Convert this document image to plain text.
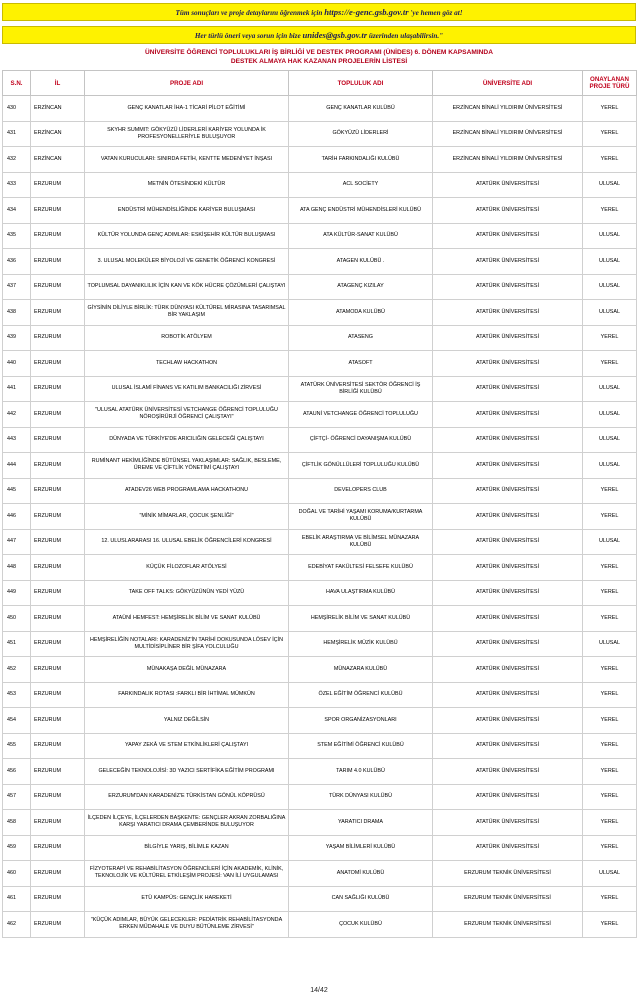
Tüm sonuçları ve proje detaylarını öğrenmek için https://e-genc.gsb.gov.tr 'ye hemen göz at!
Her türlü öneri veya sorun için bize unides@gsb.gov.tr üzerinden ulaşabilirsin."
ÜNİVERSİTE ÖĞRENCİ TOPLULUKLARI İŞ BİRLİĞİ VE DESTEK PROGRAMI (ÜNİDES) 6. DÖNEM KAPSAMINDA
DESTEK ALMAYA HAK KAZANAN PROJELERİN LİSTESİ
S.N.	İL	PROJE ADI	TOPLULUK ADI	ÜNİVERSİTE ADI	ONAYLANAN PROJE TÜRÜ
430	ERZİNCAN	GENÇ KANATLAR İHA-1 TİCARİ PİLOT EĞİTİMİ	GENÇ KANATLAR KULÜBÜ	ERZİNCAN BİNALİ YILDIRIM ÜNİVERSİTESİ	YEREL
431	ERZİNCAN	SKYHR SUMMIT: GÖKYÜZÜ LİDERLERİ KARİYER YOLUNDA İK PROFESYONELLERİYLE BULUŞUYOR	GÖKYÜZÜ LİDERLERİ	ERZİNCAN BİNALİ YILDIRIM ÜNİVERSİTESİ	YEREL
432	ERZİNCAN	VATAN KURUCULARI: SINIRDA FETİH, KENTTE MEDENİYET İNŞASI	TARİH FARKINDALIĞI KULÜBÜ	ERZİNCAN BİNALİ YILDIRIM ÜNİVERSİTESİ	YEREL
433	ERZURUM	METNİN ÖTESİNDEKİ KÜLTÜR	ACL SOCİETY	ATATÜRK ÜNİVERSİTESİ	ULUSAL
434	ERZURUM	ENDÜSTRİ MÜHENDİSLİĞİNDE KARİYER BULUŞMASI	ATA GENÇ ENDÜSTRİ MÜHENDİSLERİ KULÜBÜ	ATATÜRK ÜNİVERSİTESİ	YEREL
435	ERZURUM	KÜLTÜR YOLUNDA GENÇ ADIMLAR: ESKİŞEHİR KÜLTÜR BULUŞMASI	ATA KÜLTÜR-SANAT KULÜBÜ	ATATÜRK ÜNİVERSİTESİ	ULUSAL
436	ERZURUM	3. ULUSAL MOLEKÜLER BİYOLOJİ VE GENETİK ÖĞRENCİ KONGRESİ	ATAGEN KULÜBÜ .	ATATÜRK ÜNİVERSİTESİ	ULUSAL
437	ERZURUM	TOPLUMSAL DAYANIKLILIK İÇİN KAN VE KÖK HÜCRE ÇÖZÜMLERİ ÇALIŞTAYI	ATAGENÇ KIZILAY	ATATÜRK ÜNİVERSİTESİ	ULUSAL
438	ERZURUM	GİYSİNİN DİLİYLE BİRLİK: TÜRK DÜNYASI KÜLTÜREL MİRASINA TASARIMSAL BİR YAKLAŞIM	ATAMODA KULÜBÜ	ATATÜRK ÜNİVERSİTESİ	ULUSAL
439	ERZURUM	ROBOTİK ATÖLYEM	ATASENG	ATATÜRK ÜNİVERSİTESİ	YEREL
440	ERZURUM	TECHLAW HACKATHON	ATASOFT	ATATÜRK ÜNİVERSİTESİ	YEREL
441	ERZURUM	ULUSAL İSLAMİ FİNANS VE KATILIM BANKACILIĞI ZİRVESİ	ATATÜRK ÜNİVERSİTESİ SEKTÖR ÖĞRENCİ İŞ BİRLİĞİ KULÜBÜ	ATATÜRK ÜNİVERSİTESİ	ULUSAL
442	ERZURUM	"ULUSAL ATATÜRK ÜNİVERSİTESİ VETCHANGE ÖĞRENCİ TOPLULUĞU NÖROŞİRÜRJİ ÖĞRENCİ ÇALIŞTAYI"	ATAUNİ VETCHANGE ÖĞRENCİ TOPLULUĞU	ATATÜRK ÜNİVERSİTESİ	ULUSAL
443	ERZURUM	DÜNYADA VE TÜRKİYE'DE ARICILIĞIN GELECEĞİ ÇALIŞTAYI	ÇİFTÇİ- ÖĞRENCİ DAYANIŞMA KULÜBÜ	ATATÜRK ÜNİVERSİTESİ	ULUSAL
444	ERZURUM	RUMİNANT HEKİMLİĞİNDE BÜTÜNSEL YAKLAŞIMLAR: SAĞLIK, BESLEME, ÜREME VE ÇİFTLİK YÖNETİMİ ÇALIŞTAYI	ÇİFTLİK GÖNÜLLÜLERİ TOPLULUĞU KULÜBÜ	ATATÜRK ÜNİVERSİTESİ	ULUSAL
445	ERZURUM	ATADEV26 WEB PROGRAMLAMA HACKATHONU	DEVELOPERS CLUB	ATATÜRK ÜNİVERSİTESİ	YEREL
446	ERZURUM	"MİNİK MİMARLAR, ÇOCUK ŞENLİĞİ"	DOĞAL VE TARİHİ YAŞAMI KORUMA/KURTARMA KULÜBÜ	ATATÜRK ÜNİVERSİTESİ	YEREL
447	ERZURUM	12. ULUSLARARASI 16. ULUSAL EBELİK ÖĞRENCİLERİ KONGRESİ	EBELİK ARAŞTIRMA VE BİLİMSEL MÜNAZARA KULÜBÜ	ATATÜRK ÜNİVERSİTESİ	ULUSAL
448	ERZURUM	KÜÇÜK FİLOZOFLAR ATÖLYESİ	EDEBİYAT FAKÜLTESİ FELSEFE KULÜBÜ	ATATÜRK ÜNİVERSİTESİ	YEREL
449	ERZURUM	TAKE OFF TALKS: GÖKYÜZÜNÜN YEDİ YÜZÜ	HAVA ULAŞTIRMA KULÜBÜ	ATATÜRK ÜNİVERSİTESİ	YEREL
450	ERZURUM	ATAÜNİ HEMFEST: HEMŞİRELİK BİLİM VE SANAT KULÜBÜ	HEMŞİRELİK BİLİM VE SANAT KULÜBÜ	ATATÜRK ÜNİVERSİTESİ	YEREL
451	ERZURUM	HEMŞİRELİĞİN NOTALARI: KARADENİZ'İN TARİHİ DOKUSUNDA LÖSEV İÇİN MULTİDİSİPLİNER BİR ŞİFA YOLCULUĞU	HEMŞİRELİK MÜZİK KULÜBÜ	ATATÜRK ÜNİVERSİTESİ	ULUSAL
452	ERZURUM	MÜNAKAŞA DEĞİL MÜNAZARA	MÜNAZARA KULÜBÜ	ATATÜRK ÜNİVERSİTESİ	YEREL
453	ERZURUM	FARKINDALIK ROTASI :FARKLI BİR İHTİMAL MÜMKÜN	ÖZEL EĞİTİM ÖĞRENCİ KULÜBÜ	ATATÜRK ÜNİVERSİTESİ	YEREL
454	ERZURUM	YALNIZ DEĞİLSİN	SPOR ORGANİZASYONLARI	ATATÜRK ÜNİVERSİTESİ	YEREL
455	ERZURUM	YAPAY ZEKÂ VE STEM ETKİNLİKLERİ ÇALIŞTAYI	STEM EĞİTİMİ ÖĞRENCİ KULÜBÜ	ATATÜRK ÜNİVERSİTESİ	YEREL
456	ERZURUM	GELECEĞİN TEKNOLOJİSİ: 3D YAZICI SERTİFİKA EĞİTİM PROGRAMI	TARIM 4.0 KULÜBÜ	ATATÜRK ÜNİVERSİTESİ	YEREL
457	ERZURUM	ERZURUM'DAN KARADENİZ'E TÜRKİSTAN GÖNÜL KÖPRÜSÜ	TÜRK DÜNYASI KULÜBÜ	ATATÜRK ÜNİVERSİTESİ	YEREL
458	ERZURUM	İLÇEDEN İLÇEYE, İLÇELERDEN BAŞKENTE: GENÇLER AKRAN ZORBALIĞINA KARŞI YARATICI DRAMA ÇEMBERİNDE BULUŞUYOR	YARATICI DRAMA	ATATÜRK ÜNİVERSİTESİ	YEREL
459	ERZURUM	BİLGİYLE YARIŞ, BİLİMLE KAZAN	YAŞAM BİLİMLERİ KULÜBÜ	ATATÜRK ÜNİVERSİTESİ	YEREL
460	ERZURUM	FİZYOTERAPİ VE REHABİLİTASYON ÖĞRENCİLERİ İÇİN AKADEMİK, KLİNİK, TEKNOLOJİK VE KÜLTÜREL ETKİLEŞİM PROJESİ: VAN İLİ UYGULAMASI	ANATOMİ KULÜBÜ	ERZURUM TEKNİK ÜNİVERSİTESİ	ULUSAL
461	ERZURUM	ETÜ KAMPÜS: GENÇLİK HAREKETİ	CAN SAĞLIĞI KULÜBÜ	ERZURUM TEKNİK ÜNİVERSİTESİ	YEREL
462	ERZURUM	"KÜÇÜK ADIMLAR, BÜYÜK GELECEKLER: PEDİATRİK REHABİLİTASYONDA ERKEN MÜDAHALE VE DUYU BÜTÜNLEME ZİRVESİ"	ÇOCUK KULÜBÜ	ERZURUM TEKNİK ÜNİVERSİTESİ	YEREL
14/42
